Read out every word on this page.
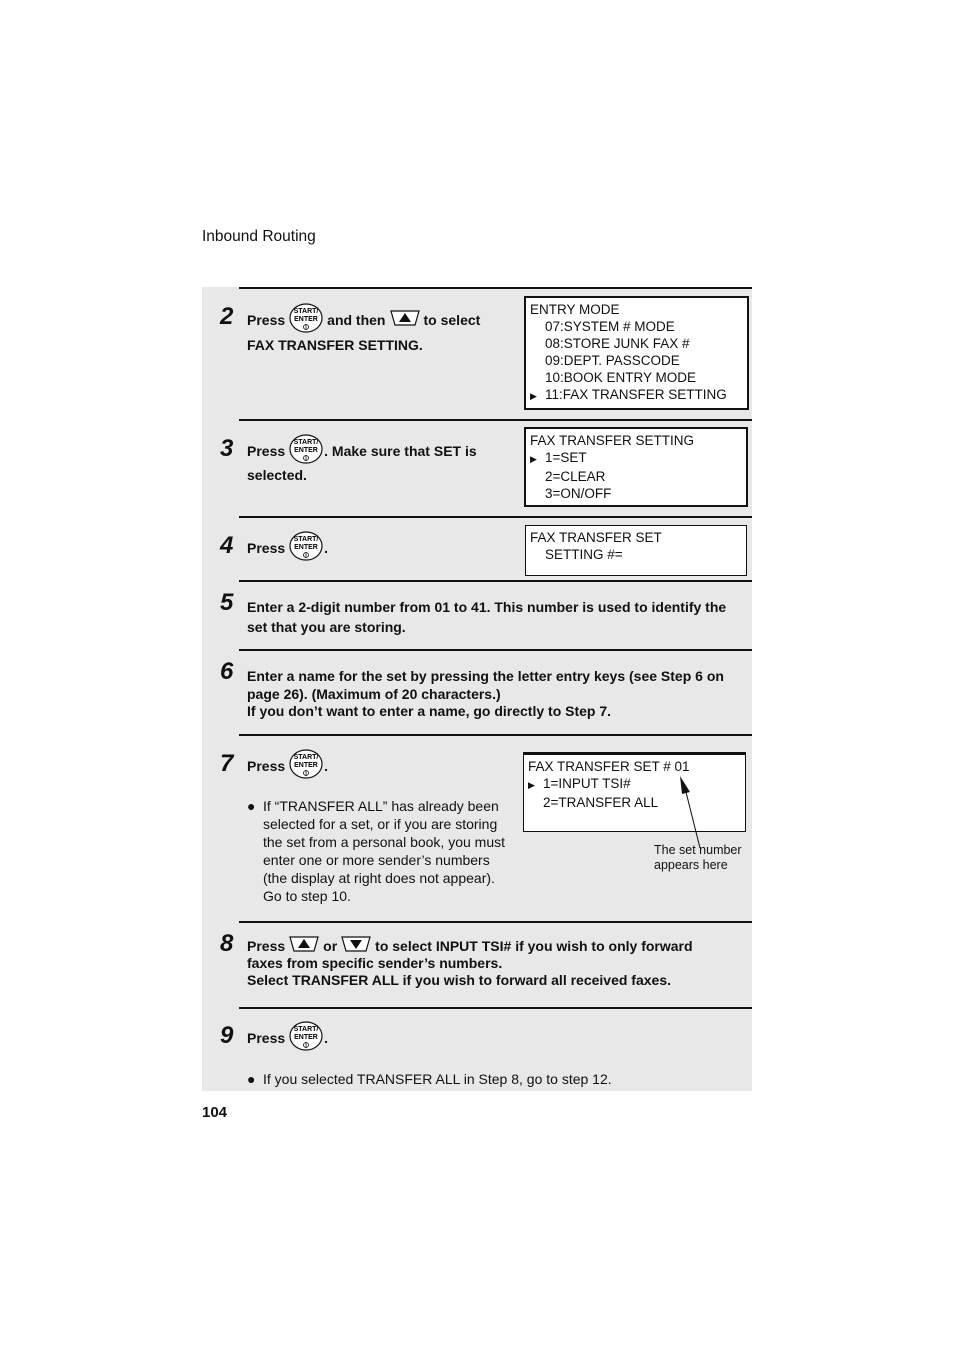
Inbound Routing
2 Press START/
ENTER and then	to select
FAX TRANSFER SETTING.
ENTRY MODE
07:SYSTEM # MODE
08:STORE JUNK FAX #
09:DEPT. PASSCODE
10:BOOK ENTRY MODE
▶ 11:FAX TRANSFER SETTING
3 Press START/
ENTER . Make sure that SET is
selected.
FAX TRANSFER SETTING
▶ 1=SET
2=CLEAR
3=ON/OFF
4 Press START/
ENTER .
FAX TRANSFER SET
SETTING #=
5 Enter a 2-digit number from 01 to 41. This number is used to identify the
set that you are storing.
6 Enter a name for the set by pressing the letter entry keys (see Step 6 on
page 26). (Maximum of 20 characters.)
If you don’t want to enter a name, go directly to Step 7.
7 Press START/
ENTER .
● If “TRANSFER ALL” has already been
selected for a set, or if you are storing
the set from a personal book, you must
enter one or more sender’s numbers
(the display at right does not appear).
Go to step 10.
FAX TRANSFER SET # 01
▶ 1=INPUT TSI#
2=TRANSFER ALL
The set number
appears here
8 Press	or	to select INPUT TSI# if you wish to only forward
faxes from specific sender’s numbers.
Select TRANSFER ALL if you wish to forward all received faxes.
9 Press START/
ENTER .
● If you selected TRANSFER ALL in Step 8, go to step 12.
104
